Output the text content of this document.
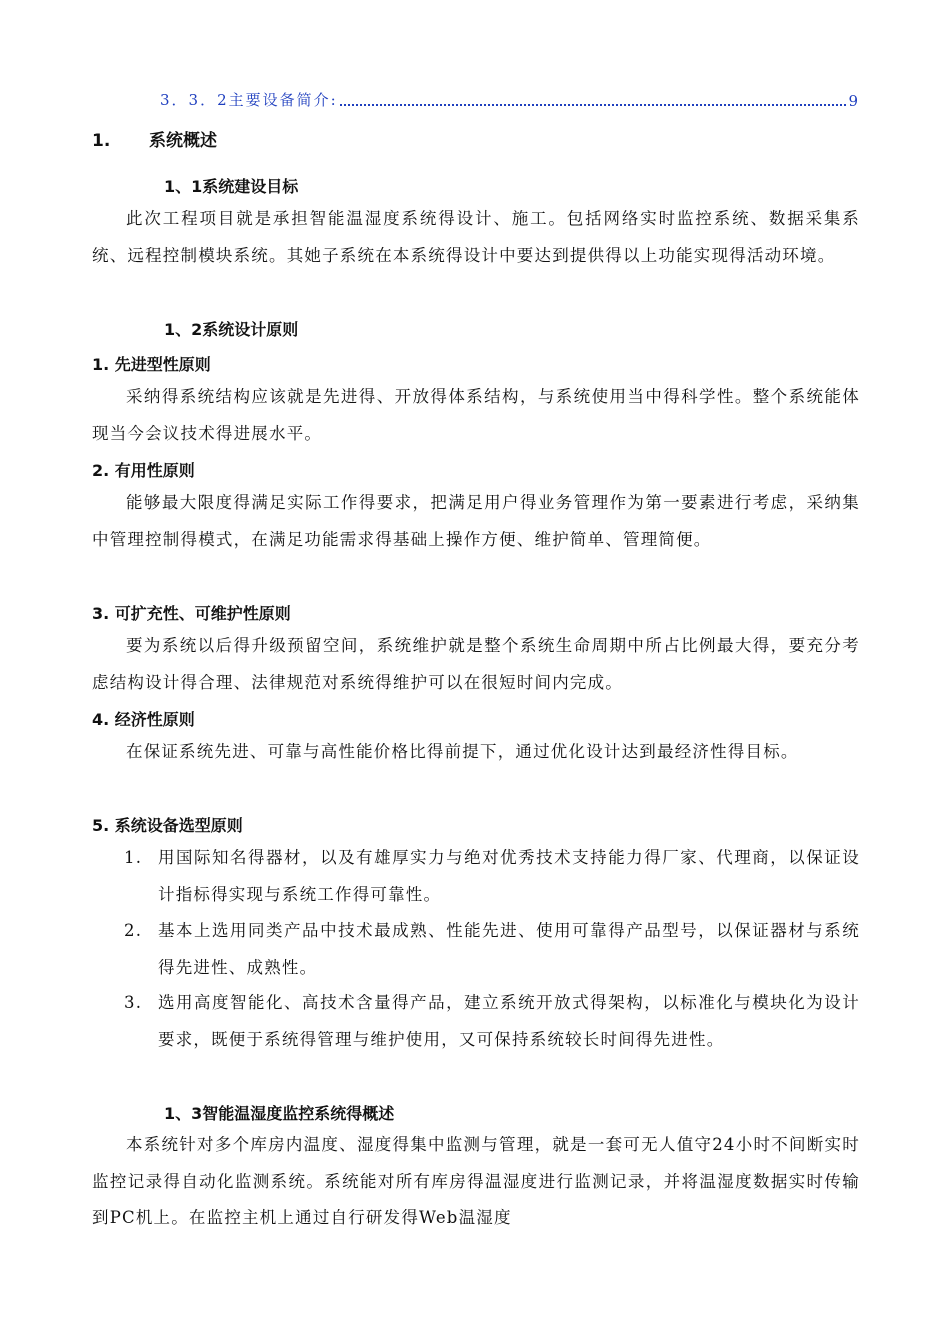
3．3．2主要设备简介:	9
1. 系统概述
1、1系统建设目标
此次工程项目就是承担智能温湿度系统得设计、施工。包括网络实时监控系统、数据采集系统、远程控制模块系统。其她子系统在本系统得设计中要达到提供得以上功能实现得活动环境。
1、2系统设计原则
1. 先进型性原则
采纳得系统结构应该就是先进得、开放得体系结构，与系统使用当中得科学性。整个系统能体现当今会议技术得进展水平。
2. 有用性原则
能够最大限度得满足实际工作得要求，把满足用户得业务管理作为第一要素进行考虑，采纳集中管理控制得模式，在满足功能需求得基础上操作方便、维护简单、管理简便。
3. 可扩充性、可维护性原则
要为系统以后得升级预留空间，系统维护就是整个系统生命周期中所占比例最大得，要充分考虑结构设计得合理、法律规范对系统得维护可以在很短时间内完成。
4. 经济性原则
在保证系统先进、可靠与高性能价格比得前提下，通过优化设计达到最经济性得目标。
5. 系统设备选型原则
1. 用国际知名得器材，以及有雄厚实力与绝对优秀技术支持能力得厂家、代理商，以保证设计指标得实现与系统工作得可靠性。
2. 基本上选用同类产品中技术最成熟、性能先进、使用可靠得产品型号，以保证器材与系统得先进性、成熟性。
3. 选用高度智能化、高技术含量得产品，建立系统开放式得架构，以标准化与模块化为设计要求，既便于系统得管理与维护使用，又可保持系统较长时间得先进性。
1、3智能温湿度监控系统得概述
本系统针对多个库房内温度、湿度得集中监测与管理，就是一套可无人值守24小时不间断实时监控记录得自动化监测系统。系统能对所有库房得温湿度进行监测记录，并将温湿度数据实时传输到PC机上。在监控主机上通过自行研发得Web温湿度
